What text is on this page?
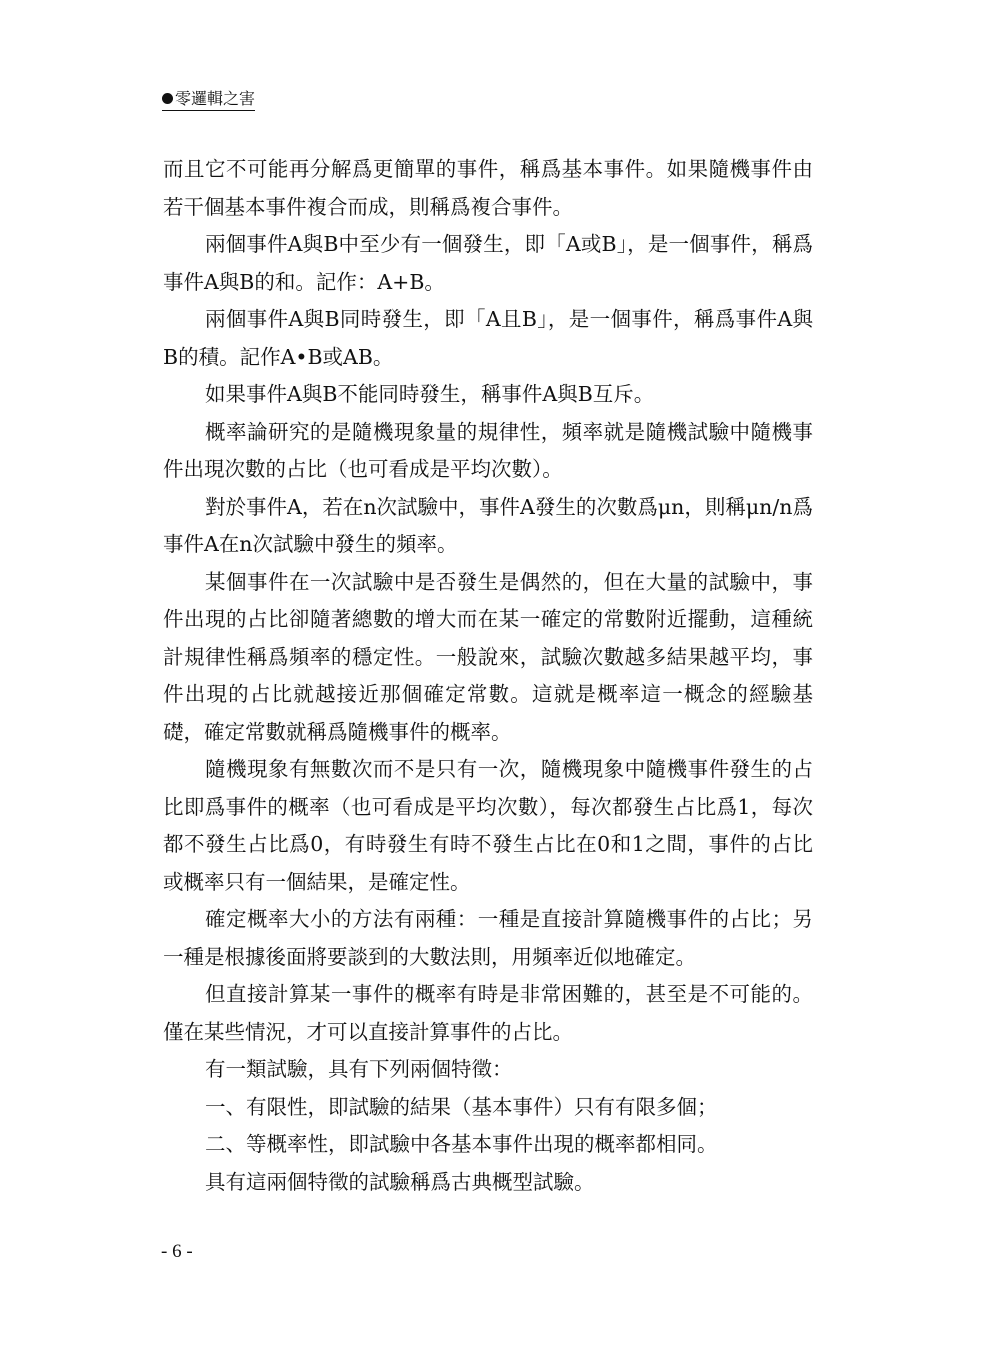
零邏輯之害

而且它不可能再分解爲更簡單的事件，稱爲基本事件。如果隨機事件由若干個基本事件複合而成，則稱爲複合事件。

兩個事件A與B中至少有一個發生，即「A或B」，是一個事件，稱爲事件A與B的和。記作：A+B。

兩個事件A與B同時發生，即「A且B」，是一個事件，稱爲事件A與B的積。記作A•B或AB。

如果事件A與B不能同時發生，稱事件A與B互斥。

概率論研究的是隨機現象量的規律性，頻率就是隨機試驗中隨機事件出現次數的占比（也可看成是平均次數）。

對於事件A，若在n次試驗中，事件A發生的次數爲μn，則稱μn/n爲事件A在n次試驗中發生的頻率。

某個事件在一次試驗中是否發生是偶然的，但在大量的試驗中，事件出現的占比卻隨著總數的增大而在某一確定的常數附近擺動，這種統計規律性稱爲頻率的穩定性。一般說來，試驗次數越多結果越平均，事件出現的占比就越接近那個確定常數。這就是概率這一概念的經驗基礎，確定常數就稱爲隨機事件的概率。

隨機現象有無數次而不是只有一次，隨機現象中隨機事件發生的占比即爲事件的概率（也可看成是平均次數），每次都發生占比爲1，每次都不發生占比爲0，有時發生有時不發生占比在0和1之間，事件的占比或概率只有一個結果，是確定性。

確定概率大小的方法有兩種：一種是直接計算隨機事件的占比；另一種是根據後面將要談到的大數法則，用頻率近似地確定。

但直接計算某一事件的概率有時是非常困難的，甚至是不可能的。僅在某些情況，才可以直接計算事件的占比。

有一類試驗，具有下列兩個特徵：

一、有限性，即試驗的結果（基本事件）只有有限多個；

二、等概率性，即試驗中各基本事件出現的概率都相同。

具有這兩個特徵的試驗稱爲古典概型試驗。

- 6 -
